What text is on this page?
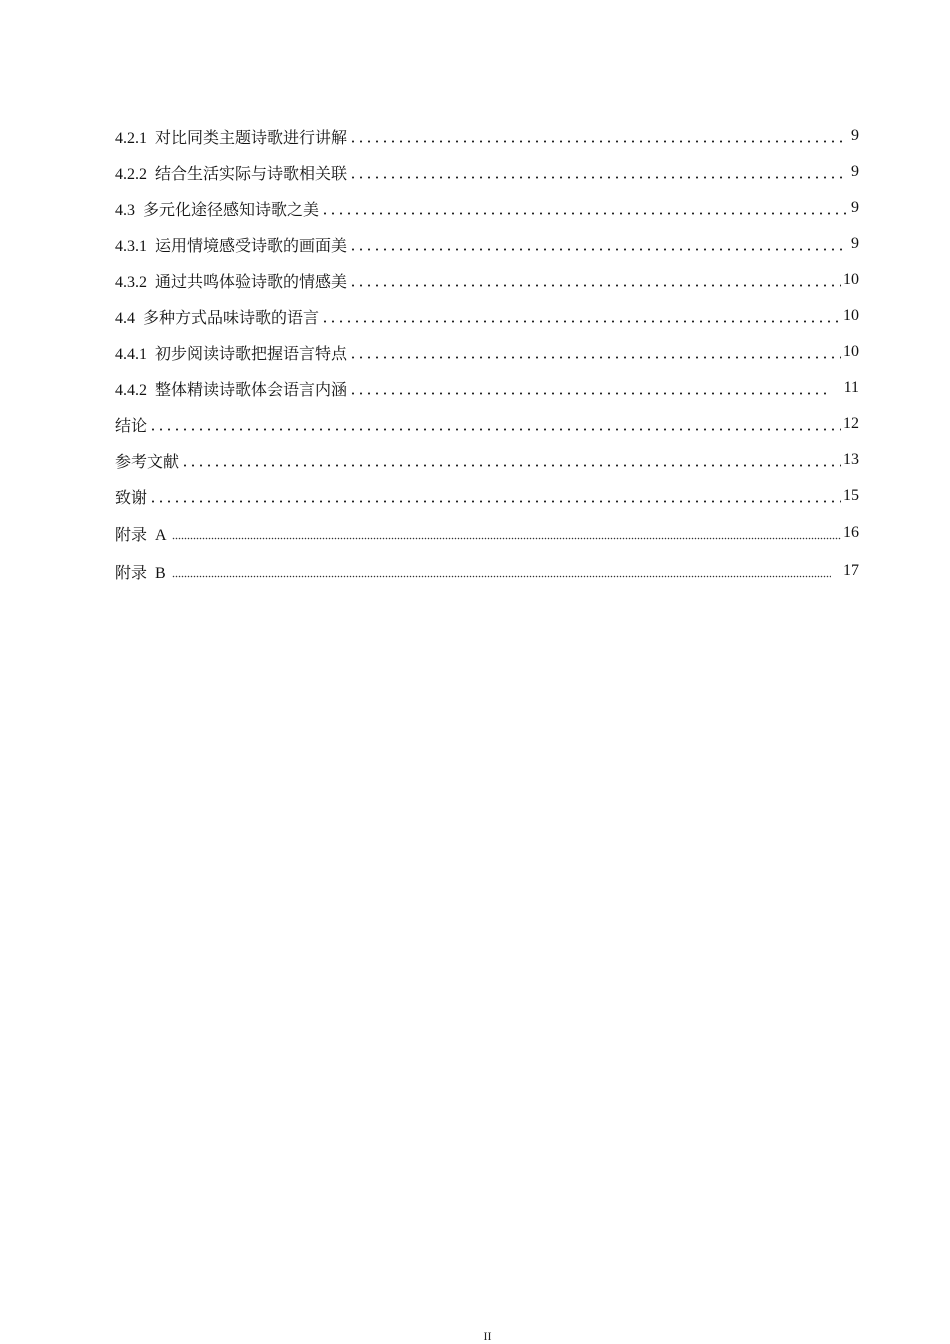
4.2.1  对比同类主题诗歌进行讲解	9
4.2.2  结合生活实际与诗歌相关联	9
4.3  多元化途径感知诗歌之美	9
4.3.1  运用情境感受诗歌的画面美	9
4.3.2  通过共鸣体验诗歌的情感美	10
4.4  多种方式品味诗歌的语言	10
4.4.1  初步阅读诗歌把握语言特点	10
4.4.2  整体精读诗歌体会语言内涵	11
结论	12
参考文献	13
致谢	15
附录  A	16
附录  B	17
II
